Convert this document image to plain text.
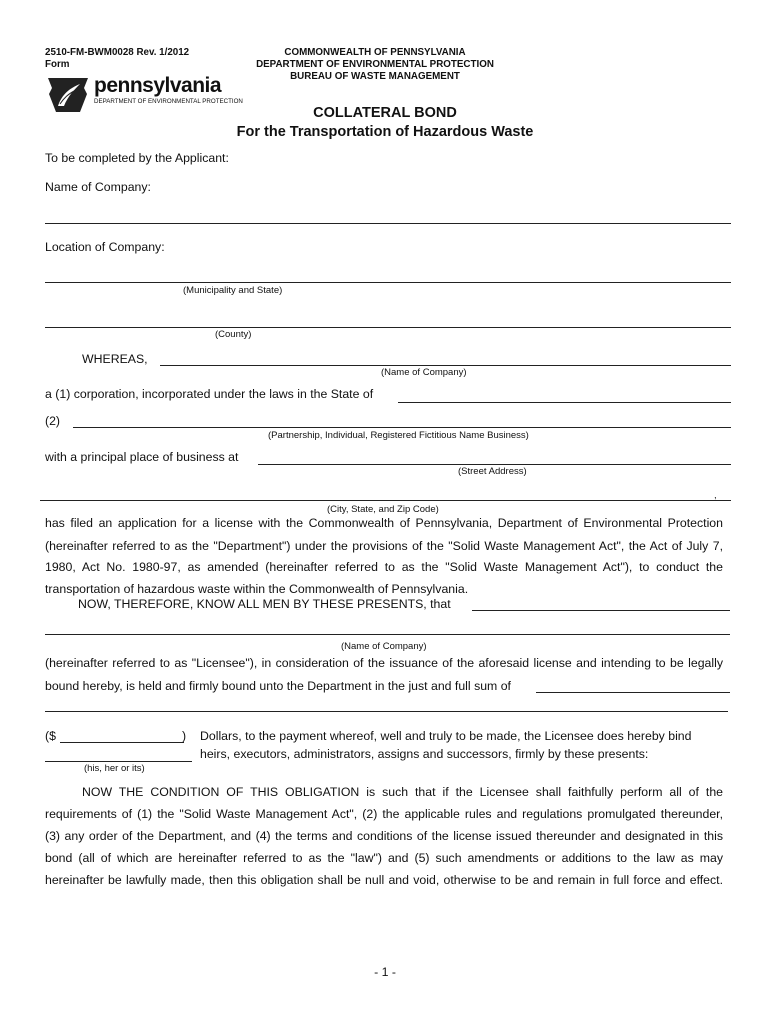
2510-FM-BWM0028 Rev. 1/2012
Form
pennsylvania
DEPARTMENT OF ENVIRONMENTAL PROTECTION
COMMONWEALTH OF PENNSYLVANIA
DEPARTMENT OF ENVIRONMENTAL PROTECTION
BUREAU OF WASTE MANAGEMENT
COLLATERAL BOND
For the Transportation of Hazardous Waste
To be completed by the Applicant:
Name of Company:
Location of Company:
(Municipality and State)
(County)
WHEREAS,
(Name of Company)
a (1) corporation, incorporated under the laws in the State of
(2)
(Partnership, Individual, Registered Fictitious Name Business)
with a principal place of business at
(Street Address)
,
(City, State, and Zip Code)
has filed an application for a license with the Commonwealth of Pennsylvania, Department of Environmental Protection
(hereinafter referred to as the "Department") under the provisions of the "Solid Waste Management Act", the Act of July 7,
1980, Act No. 1980-97, as amended (hereinafter referred to as the "Solid Waste Management Act"), to conduct the
transportation of hazardous waste within the Commonwealth of Pennsylvania.
NOW, THEREFORE, KNOW ALL MEN BY THESE PRESENTS, that
(Name of Company)
(hereinafter referred to as "Licensee"), in consideration of the issuance of the aforesaid license and intending to be legally
bound hereby, is held and firmly bound unto the Department in the just and full sum of
($	) Dollars, to the payment whereof, well and truly to be made, the Licensee does hereby bind
heirs, executors, administrators, assigns and successors, firmly by these presents:
(his, her or its)
NOW THE CONDITION OF THIS OBLIGATION is such that if the Licensee shall faithfully perform all of the
requirements of (1) the "Solid Waste Management Act", (2) the applicable rules and regulations promulgated thereunder,
(3) any order of the Department, and (4) the terms and conditions of the license issued thereunder and designated in this
bond (all of which are hereinafter referred to as the "law") and (5) such amendments or additions to the law as may
hereinafter be lawfully made, then this obligation shall be null and void, otherwise to be and remain in full force and effect.
- 1 -
